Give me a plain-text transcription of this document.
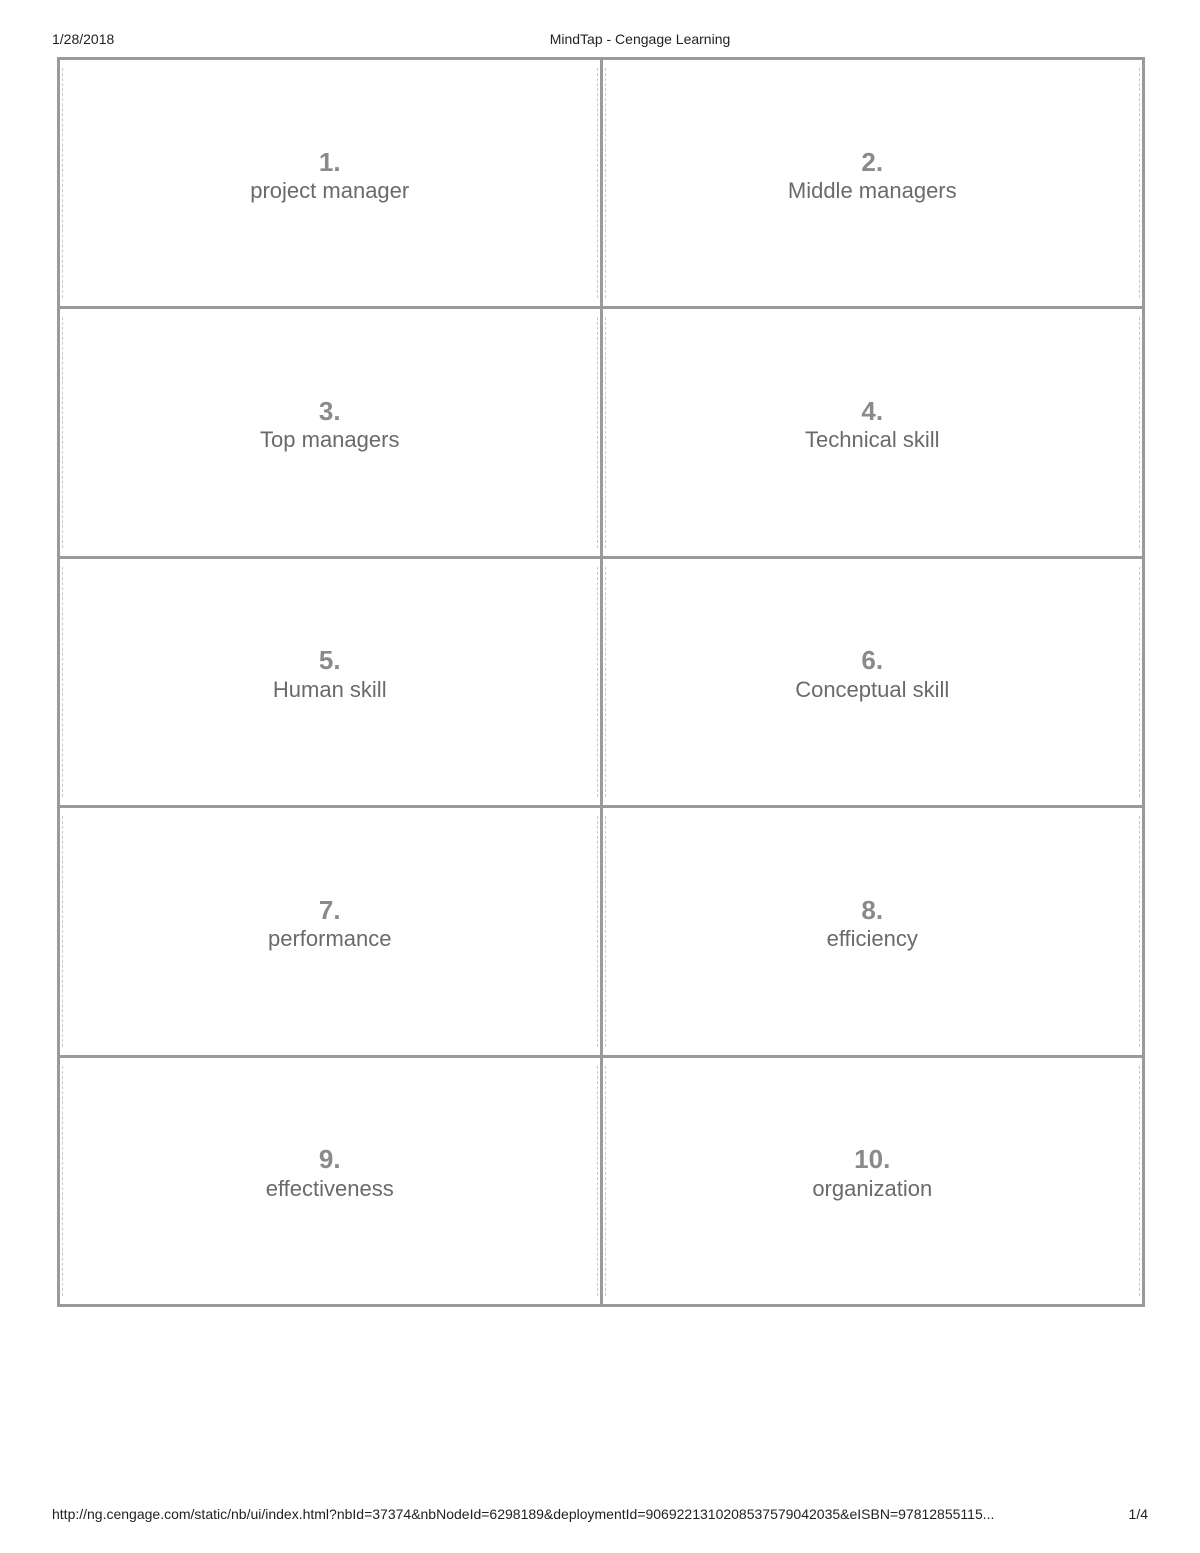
1/28/2018	MindTap - Cengage Learning
1.
project manager
2.
Middle managers
3.
Top managers
4.
Technical skill
5.
Human skill
6.
Conceptual skill
7.
performance
8.
efficiency
9.
effectiveness
10.
organization
http://ng.cengage.com/static/nb/ui/index.html?nbId=37374&nbNodeId=6298189&deploymentId=9069221310208537579042035&eISBN=97812855115...	1/4
